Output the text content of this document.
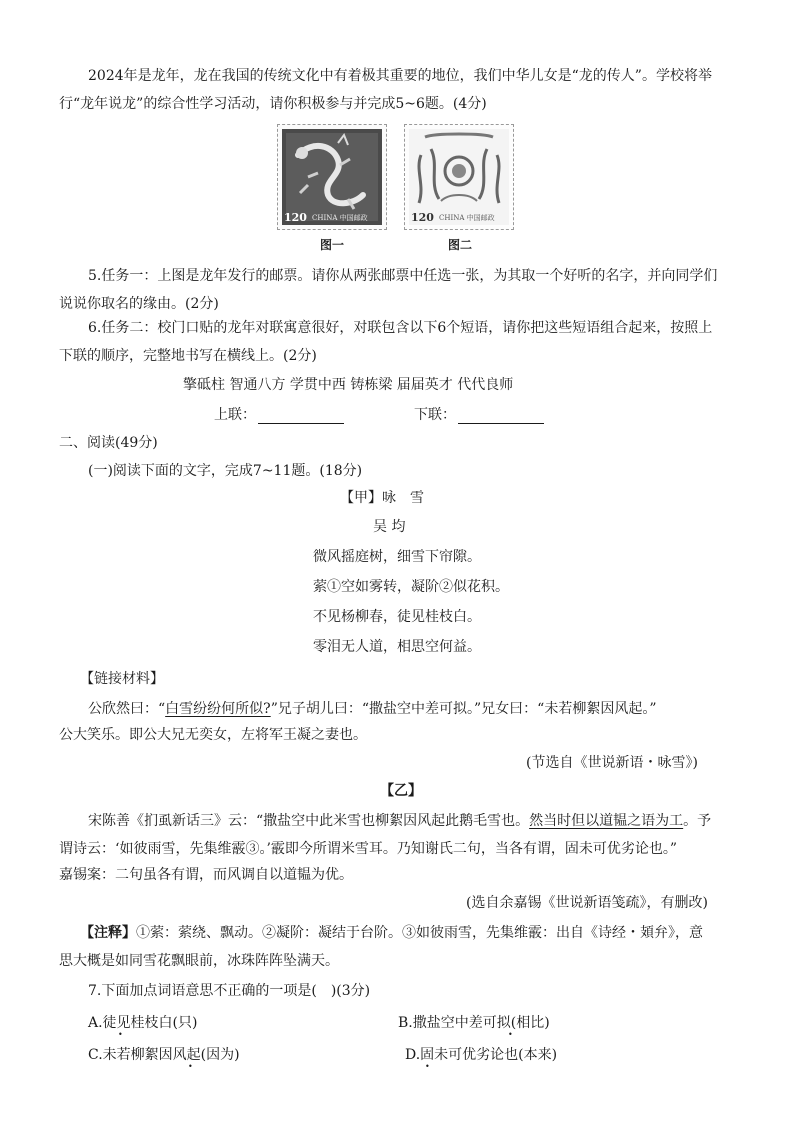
2024年是龙年，龙在我国的传统文化中有着极其重要的地位，我们中华儿女是“龙的传人”。学校将举
行“龙年说龙”的综合性学习活动，请你积极参与并完成5~6题。(4分)
120 CHINA 中国邮政
图一
120 CHINA 中国邮政
图二
5.任务一：上图是龙年发行的邮票。请你从两张邮票中任选一张，为其取一个好听的名字，并向同学们
说说你取名的缘由。(2分)
6.任务二：校门口贴的龙年对联寓意很好，对联包含以下6个短语，请你把这些短语组合起来，按照上
下联的顺序，完整地书写在横线上。(2分)
擎砥柱 智通八方 学贯中西 铸栋梁 届届英才 代代良师
上联：	下联：
二、阅读(49分)
(一)阅读下面的文字，完成7~11题。(18分)
【甲】咏　雪
吴 均
微风摇庭树，细雪下帘隙。
萦①空如雾转，凝阶②似花积。
不见杨柳春，徒见桂枝白。
零泪无人道，相思空何益。
【链接材料】
公欣然曰：“白雪纷纷何所似?”兄子胡儿曰：“撒盐空中差可拟。”兄女曰：“未若柳絮因风起。”
公大笑乐。即公大兄无奕女，左将军王凝之妻也。
(节选自《世说新语・咏雪》)
【乙】
宋陈善《扪虱新话三》云：“撒盐空中此米雪也柳絮因风起此鹅毛雪也。然当时但以道韫之语为工。予
谓诗云：‘如彼雨雪，先集维霰③。’霰即今所谓米雪耳。乃知谢氏二句，当各有谓，固未可优劣论也。”
嘉锡案：二句虽各有谓，而风调自以道韫为优。
(选自余嘉锡《世说新语笺疏》，有删改)
【注释】①萦：萦绕、飘动。②凝阶：凝结于台阶。③如彼雨雪，先集维霰：出自《诗经・頍弁》，意
思大概是如同雪花飘眼前，冰珠阵阵坠满天。
7.下面加点词语意思不正确的一项是(　)(3分)
A.徒见桂枝白(只)	B.撒盐空中差可拟(相比)
C.未若柳絮因风起(因为)	D.固未可优劣论也(本来)
•	•
•	•
